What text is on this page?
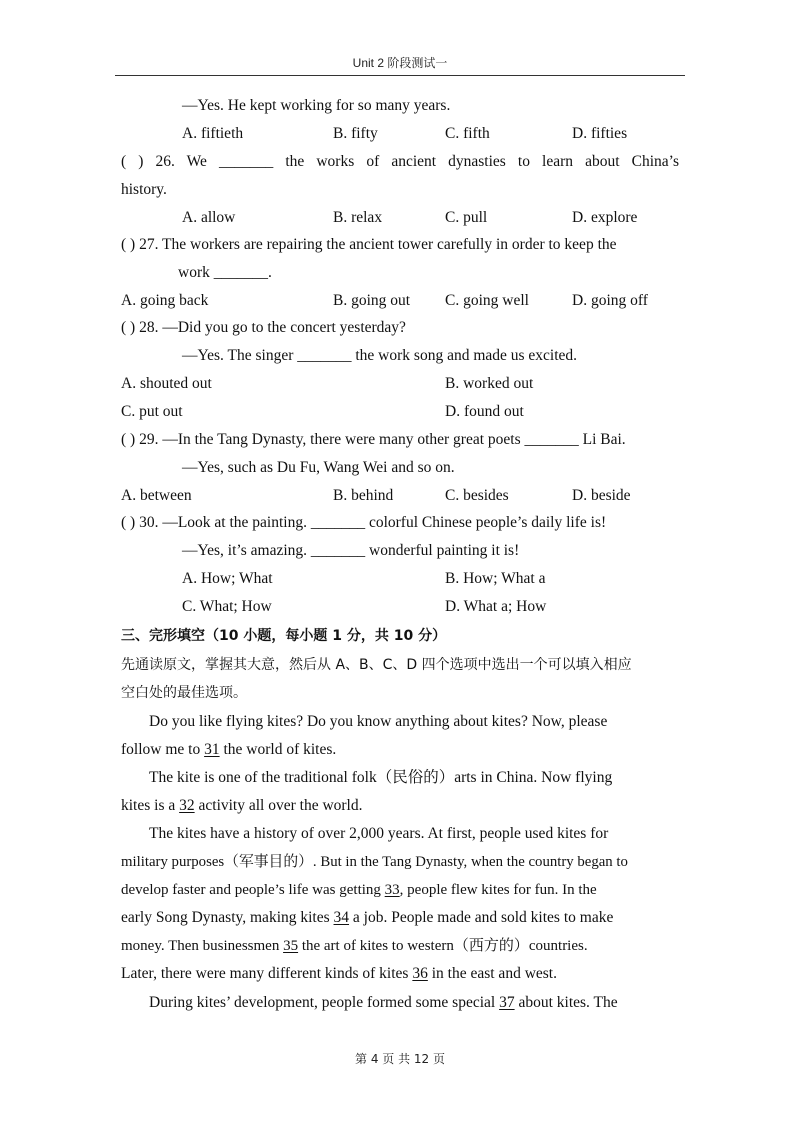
Unit 2 阶段测试一
—Yes. He kept working for so many years.
A. fiftieth	B. fifty	C. fifth	D. fifties
( ) 26. We _______ the works of ancient dynasties to learn about China’s
history.
A. allow	B. relax	C. pull	D. explore
( ) 27. The workers are repairing the ancient tower carefully in order to keep the
work _______.
A. going back	B. going out C. going well	D. going off
( ) 28. —Did you go to the concert yesterday?
—Yes. The singer _______ the work song and made us excited.
A. shouted out	B. worked out
C. put out	D. found out
( ) 29. —In the Tang Dynasty, there were many other great poets _______ Li Bai.
—Yes, such as Du Fu, Wang Wei and so on.
A. between	B. behind	C. besides	D. beside
( ) 30. —Look at the painting. _______ colorful Chinese people’s daily life is!
—Yes, it’s amazing. _______ wonderful painting it is!
A. How; What	B. How; What a
C. What; How	D. What a; How
三、完形填空（10 小题，每小题 1 分，共 10 分）
先通读原文，掌握其大意，然后从 A、B、C、D 四个选项中选出一个可以填入相应
空白处的最佳选项。
Do you like flying kites? Do you know anything about kites? Now, please
follow me to 31 the world of kites.
The kite is one of the traditional folk（民俗的）arts in China. Now flying
kites is a 32 activity all over the world.
The kites have a history of over 2,000 years. At first, people used kites for
military purposes（军事目的）. But in the Tang Dynasty, when the country began to
develop faster and people’s life was getting 33, people flew kites for fun. In the
early Song Dynasty, making kites 34 a job. People made and sold kites to make
money. Then businessmen 35 the art of kites to western（西方的）countries.
Later, there were many different kinds of kites 36 in the east and west.
During kites’ development, people formed some special 37 about kites. The
第 4 页 共 12 页
